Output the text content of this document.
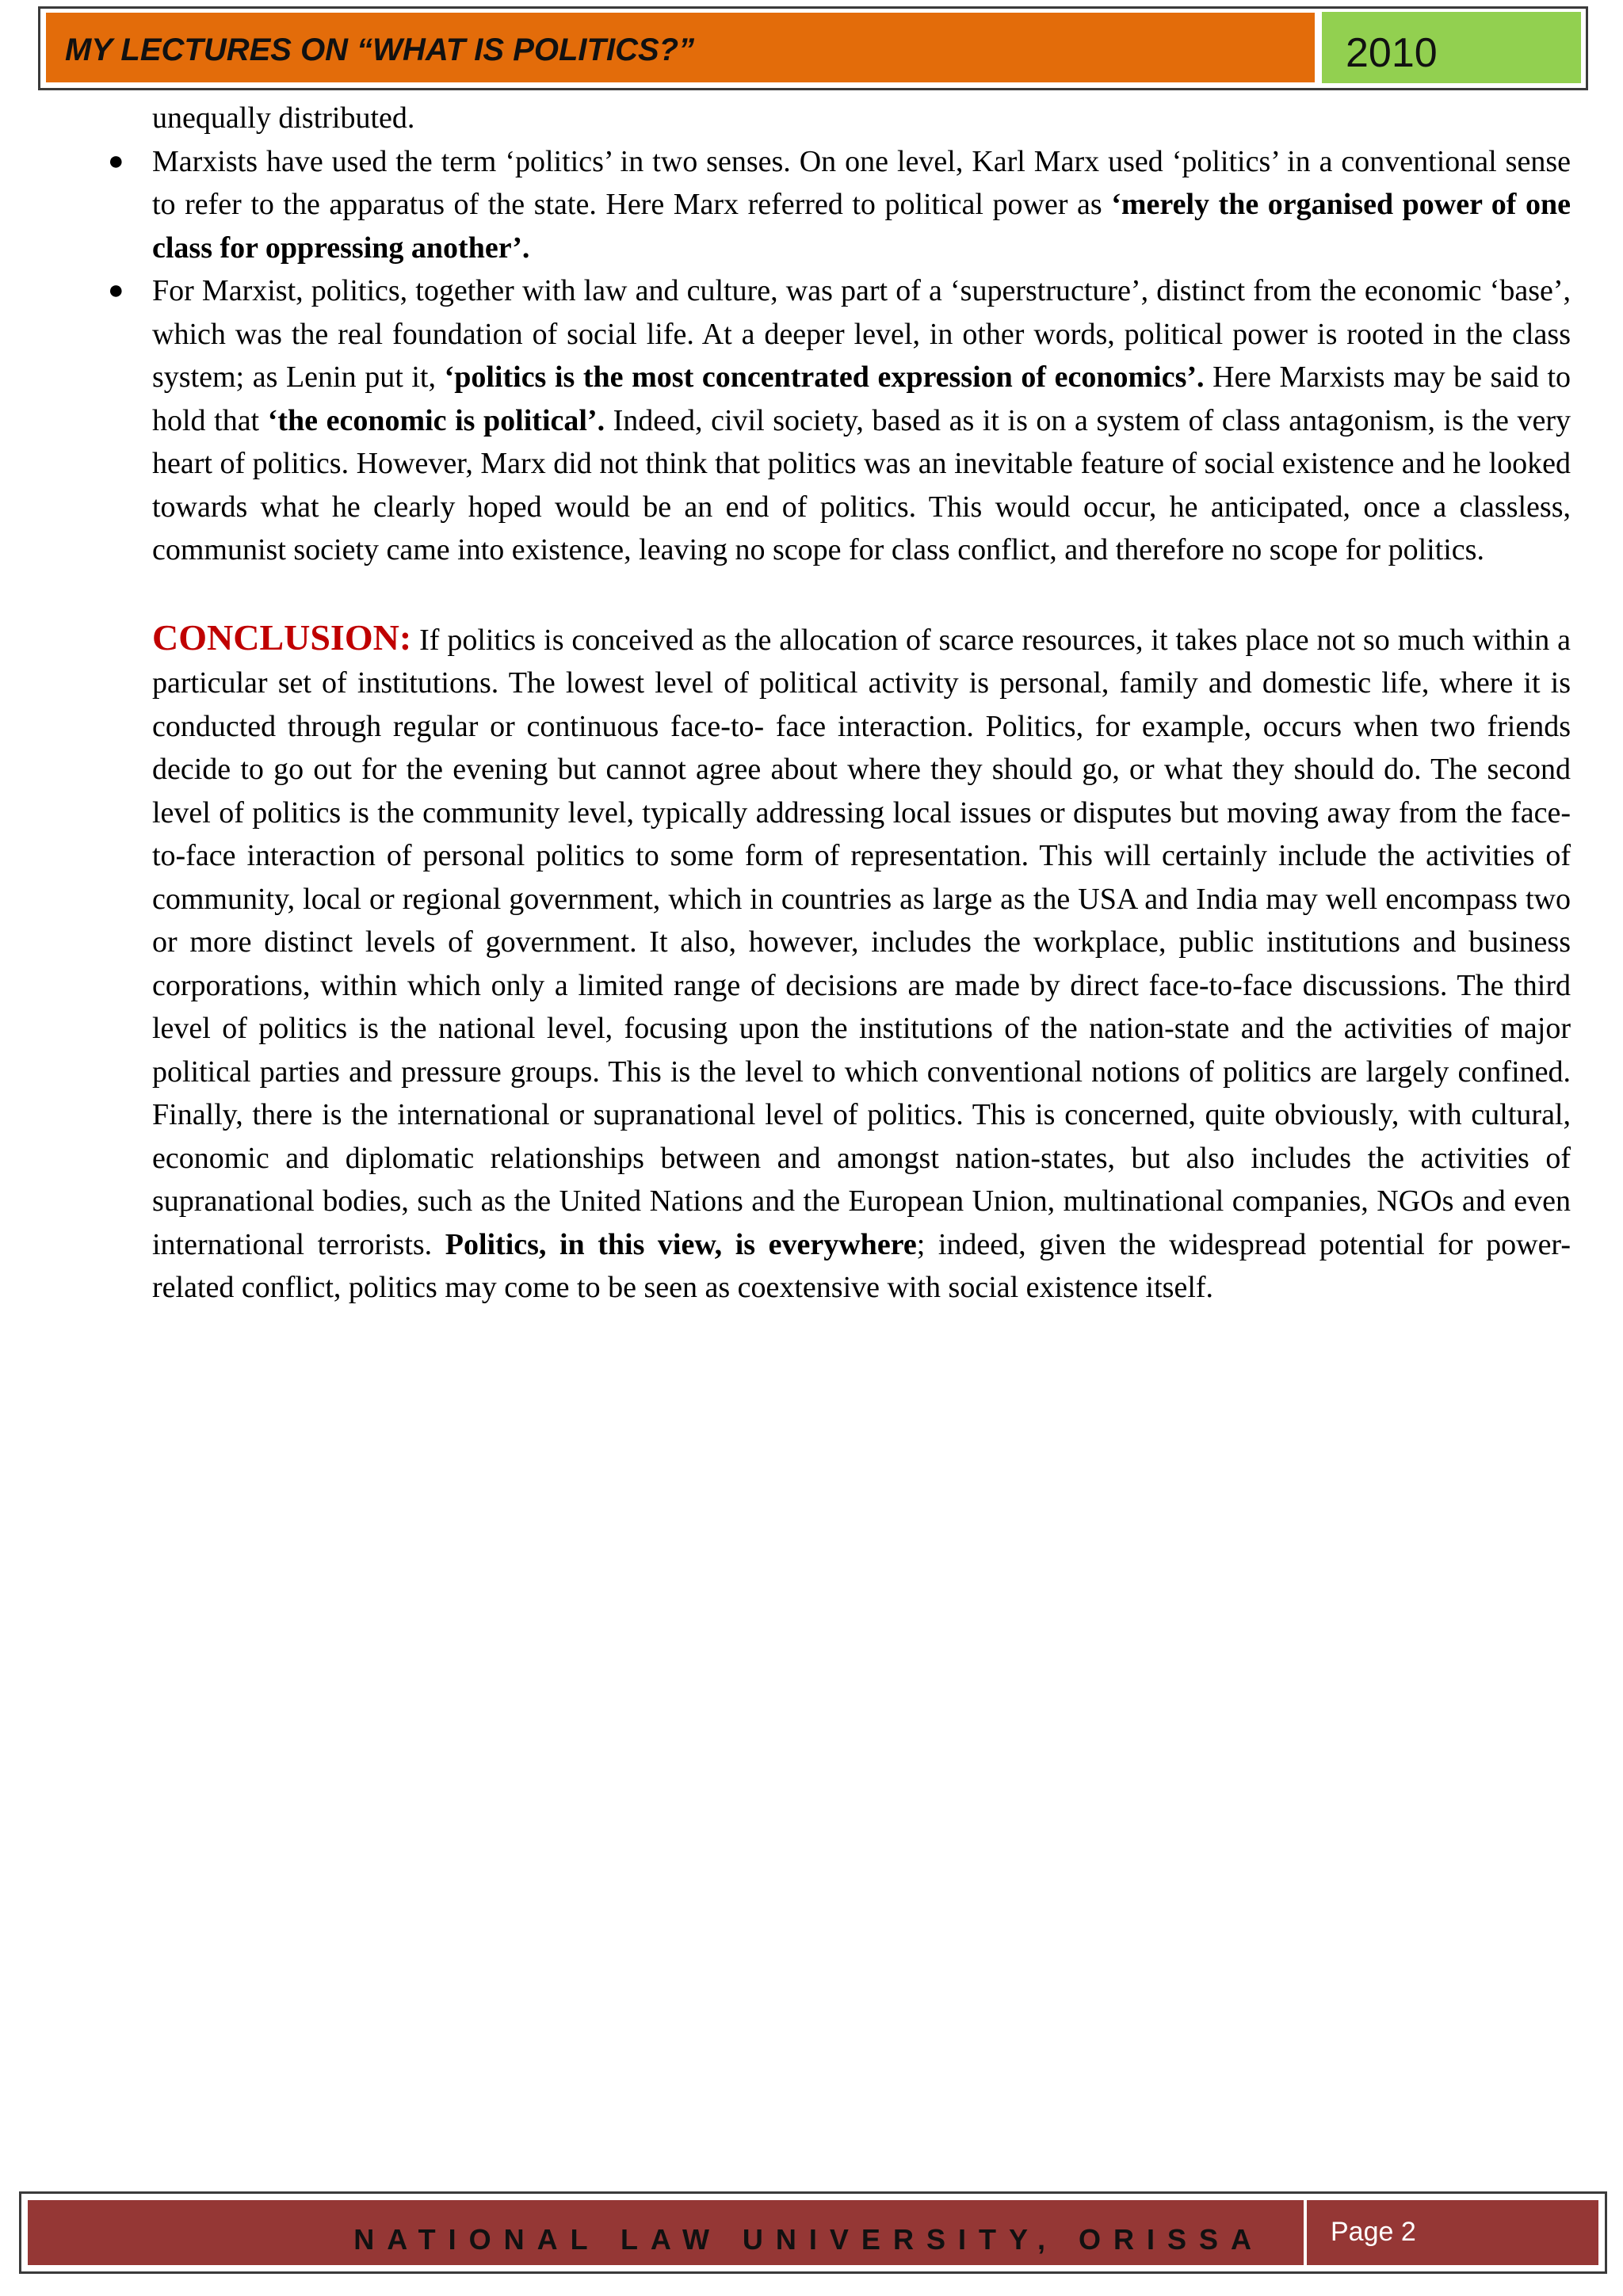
MY LECTURES ON “WHAT IS POLITICS?”	2010

unequally distributed.

● Marxists have used the term ‘politics’ in two senses. On one level, Karl Marx used ‘politics’ in a conventional sense to refer to the apparatus of the state. Here Marx referred to political power as ‘merely the organised power of one class for oppressing another’.

● For Marxist, politics, together with law and culture, was part of a ‘superstructure’, distinct from the economic ‘base’, which was the real foundation of social life. At a deeper level, in other words, political power is rooted in the class system; as Lenin put it, ‘politics is the most concentrated expression of economics’. Here Marxists may be said to hold that ‘the economic is political’. Indeed, civil society, based as it is on a system of class antagonism, is the very heart of politics. However, Marx did not think that politics was an inevitable feature of social existence and he looked towards what he clearly hoped would be an end of politics. This would occur, he anticipated, once a classless, communist society came into existence, leaving no scope for class conflict, and therefore no scope for politics.

CONCLUSION: If politics is conceived as the allocation of scarce resources, it takes place not so much within a particular set of institutions. The lowest level of political activity is personal, family and domestic life, where it is conducted through regular or continuous face-to- face interaction. Politics, for example, occurs when two friends decide to go out for the evening but cannot agree about where they should go, or what they should do. The second level of politics is the community level, typically addressing local issues or disputes but moving away from the face-to-face interaction of personal politics to some form of representation. This will certainly include the activities of community, local or regional government, which in countries as large as the USA and India may well encompass two or more distinct levels of government. It also, however, includes the workplace, public institutions and business corporations, within which only a limited range of decisions are made by direct face-to-face discussions. The third level of politics is the national level, focusing upon the institutions of the nation-state and the activities of major political parties and pressure groups. This is the level to which conventional notions of politics are largely confined. Finally, there is the international or supranational level of politics. This is concerned, quite obviously, with cultural, economic and diplomatic relationships between and amongst nation-states, but also includes the activities of supranational bodies, such as the United Nations and the European Union, multinational companies, NGOs and even international terrorists. Politics, in this view, is everywhere; indeed, given the widespread potential for power-related conflict, politics may come to be seen as coextensive with social existence itself.

NATIONAL LAW UNIVERSITY, ORISSA	Page 2
